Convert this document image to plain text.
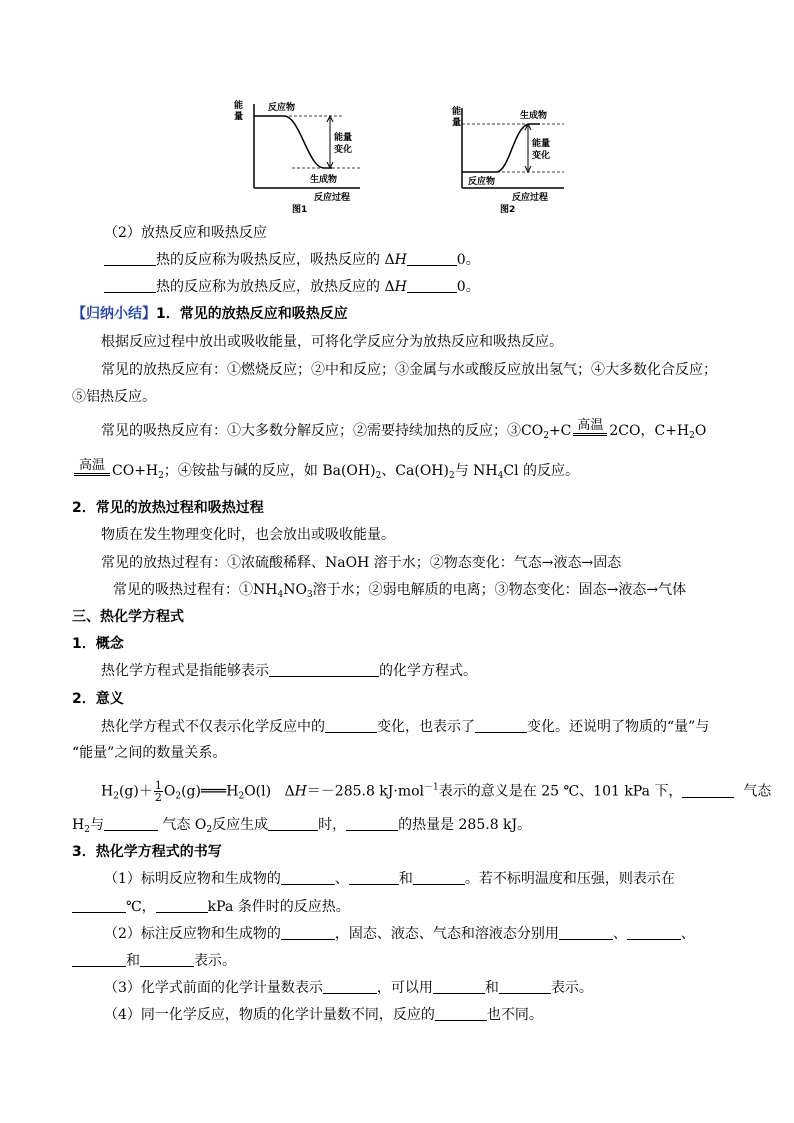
能
量
反应物
能量
变化
生成物
反应过程
图1
能
量
生成物
能量
变化
反应物
反应过程
图2
（2）放热反应和吸热反应
热的反应称为吸热反应，吸热反应的 ΔH	0。
热的反应称为放热反应，放热反应的 ΔH	0。
【归纳小结】1．常见的放热反应和吸热反应
根据反应过程中放出或吸收能量，可将化学反应分为放热反应和吸热反应。
常见的放热反应有：①燃烧反应；②中和反应；③金属与水或酸反应放出氢气；④大多数化合反应；
⑤铝热反应。
常见的吸热反应有：①大多数分解反应；②需要持续加热的反应；$③CO_2+C$ 高温 2CO，$C+H_2O$
高温 $CO+H_2$；④铵盐与碱的反应，如 $Ba(OH)_2$、$Ca(OH)_2$与 $NH_4Cl$ 的反应。
2．常见的放热过程和吸热过程
物质在发生物理变化时，也会放出或吸收能量。
常见的放热过程有：①浓硫酸稀释、NaOH 溶于水；②物态变化：气态→液态→固态
常见的吸热过程有：$①NH_4NO_3$溶于水；②弱电解质的电离；③物态变化：固态→液态→气体
三、热化学方程式
1．概念
热化学方程式是指能够表示	的化学方程式。
2．意义
热化学方程式不仅表示化学反应中的	变化，也表示了	变化。还说明了物质的“量”与
“能量”之间的数量关系。
$H_2(g)+ \frac{1}{2}$ $O_2(g)═══H_2O(l)$ ΔH＝－285.8 kJ·mol$^{-1}$表示的意义是在 25 ℃、101 kPa 下，	气态
$H_2$与	气态 $O_2$反应生成	时，	的热量是 285.8 kJ。
3．热化学方程式的书写
（1）标明反应物和生成物的	、	和	。若不标明温度和压强，则表示在
℃，	kPa 条件时的反应热。
（2）标注反应物和生成物的	，固态、液态、气态和溶液态分别用	、	、
和	表示。
（3）化学式前面的化学计量数表示	，可以用	和	表示。
（4）同一化学反应，物质的化学计量数不同，反应的	也不同。
